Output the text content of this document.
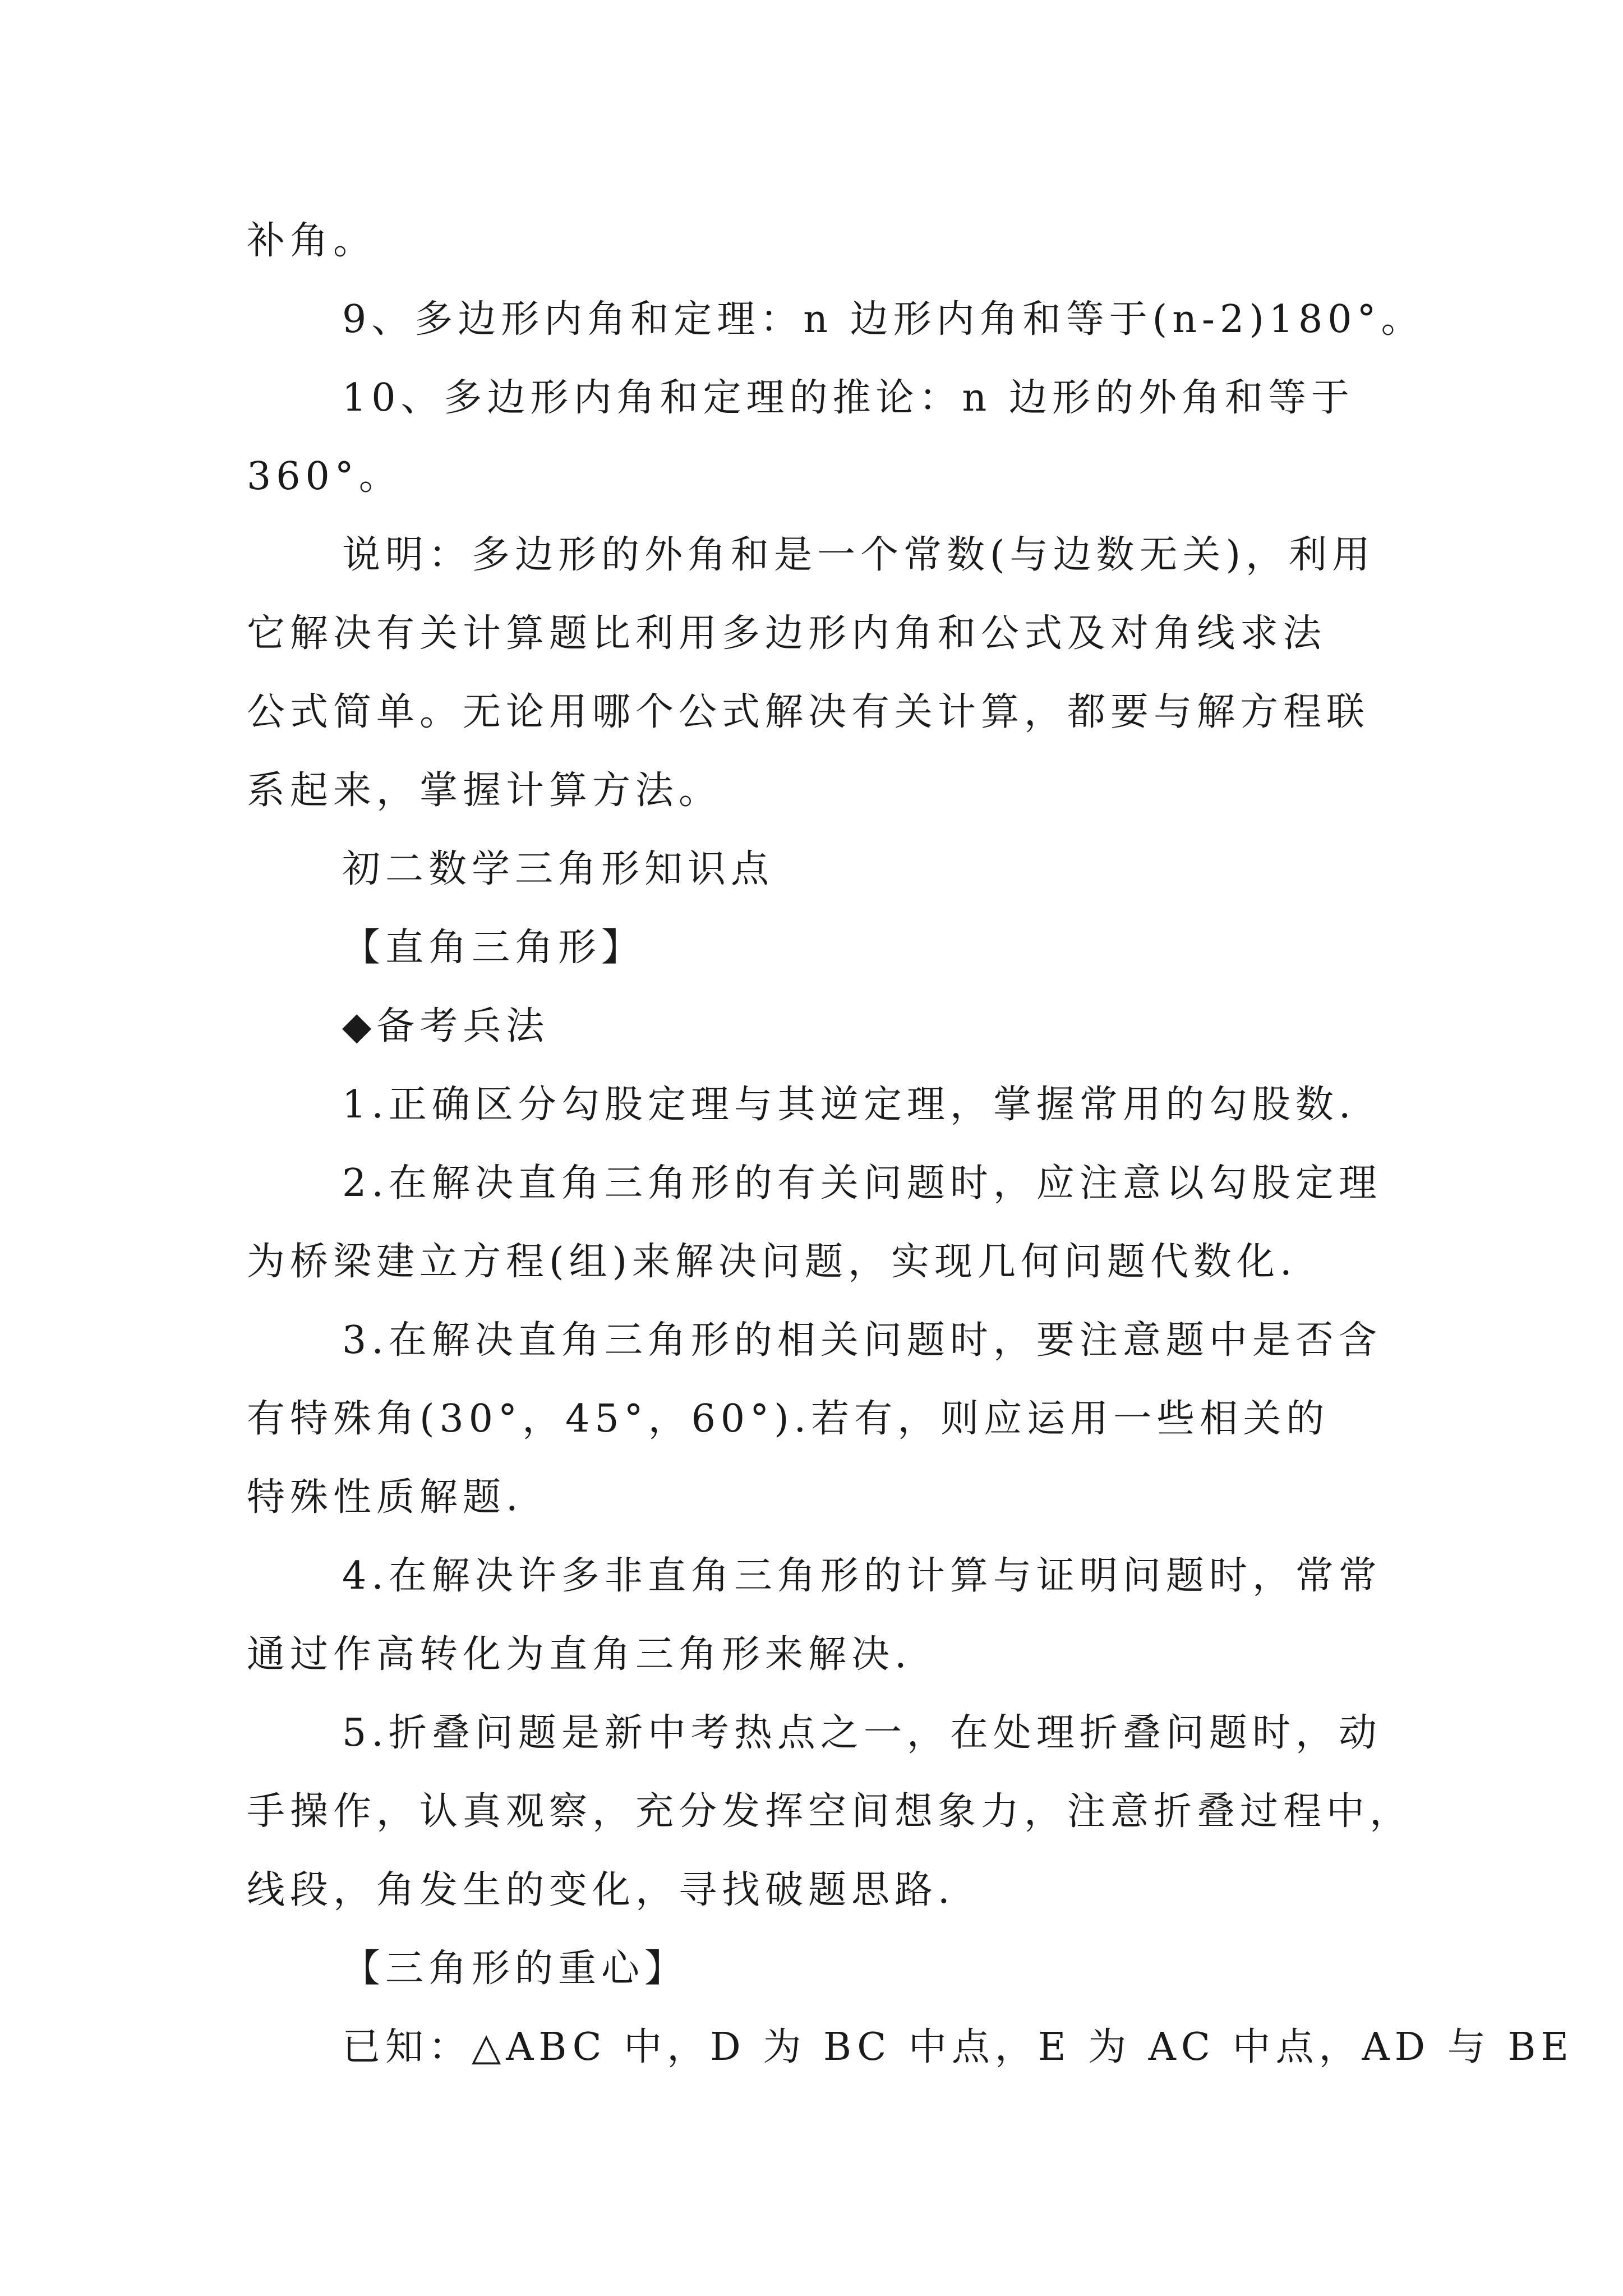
补角。
9、多边形内角和定理：n 边形内角和等于(n-2)180°。
10、多边形内角和定理的推论：n 边形的外角和等于
360°。
说明：多边形的外角和是一个常数(与边数无关)，利用
它解决有关计算题比利用多边形内角和公式及对角线求法
公式简单。无论用哪个公式解决有关计算，都要与解方程联
系起来，掌握计算方法。
初二数学三角形知识点
【直角三角形】
◆备考兵法
1.正确区分勾股定理与其逆定理，掌握常用的勾股数.
2.在解决直角三角形的有关问题时，应注意以勾股定理
为桥梁建立方程(组)来解决问题，实现几何问题代数化.
3.在解决直角三角形的相关问题时，要注意题中是否含
有特殊角(30°，45°，60°).若有，则应运用一些相关的
特殊性质解题.
4.在解决许多非直角三角形的计算与证明问题时，常常
通过作高转化为直角三角形来解决.
5.折叠问题是新中考热点之一，在处理折叠问题时，动
手操作，认真观察，充分发挥空间想象力，注意折叠过程中，
线段，角发生的变化，寻找破题思路.
【三角形的重心】
已知：△ABC 中，D 为 BC 中点，E 为 AC 中点，AD 与 BE
